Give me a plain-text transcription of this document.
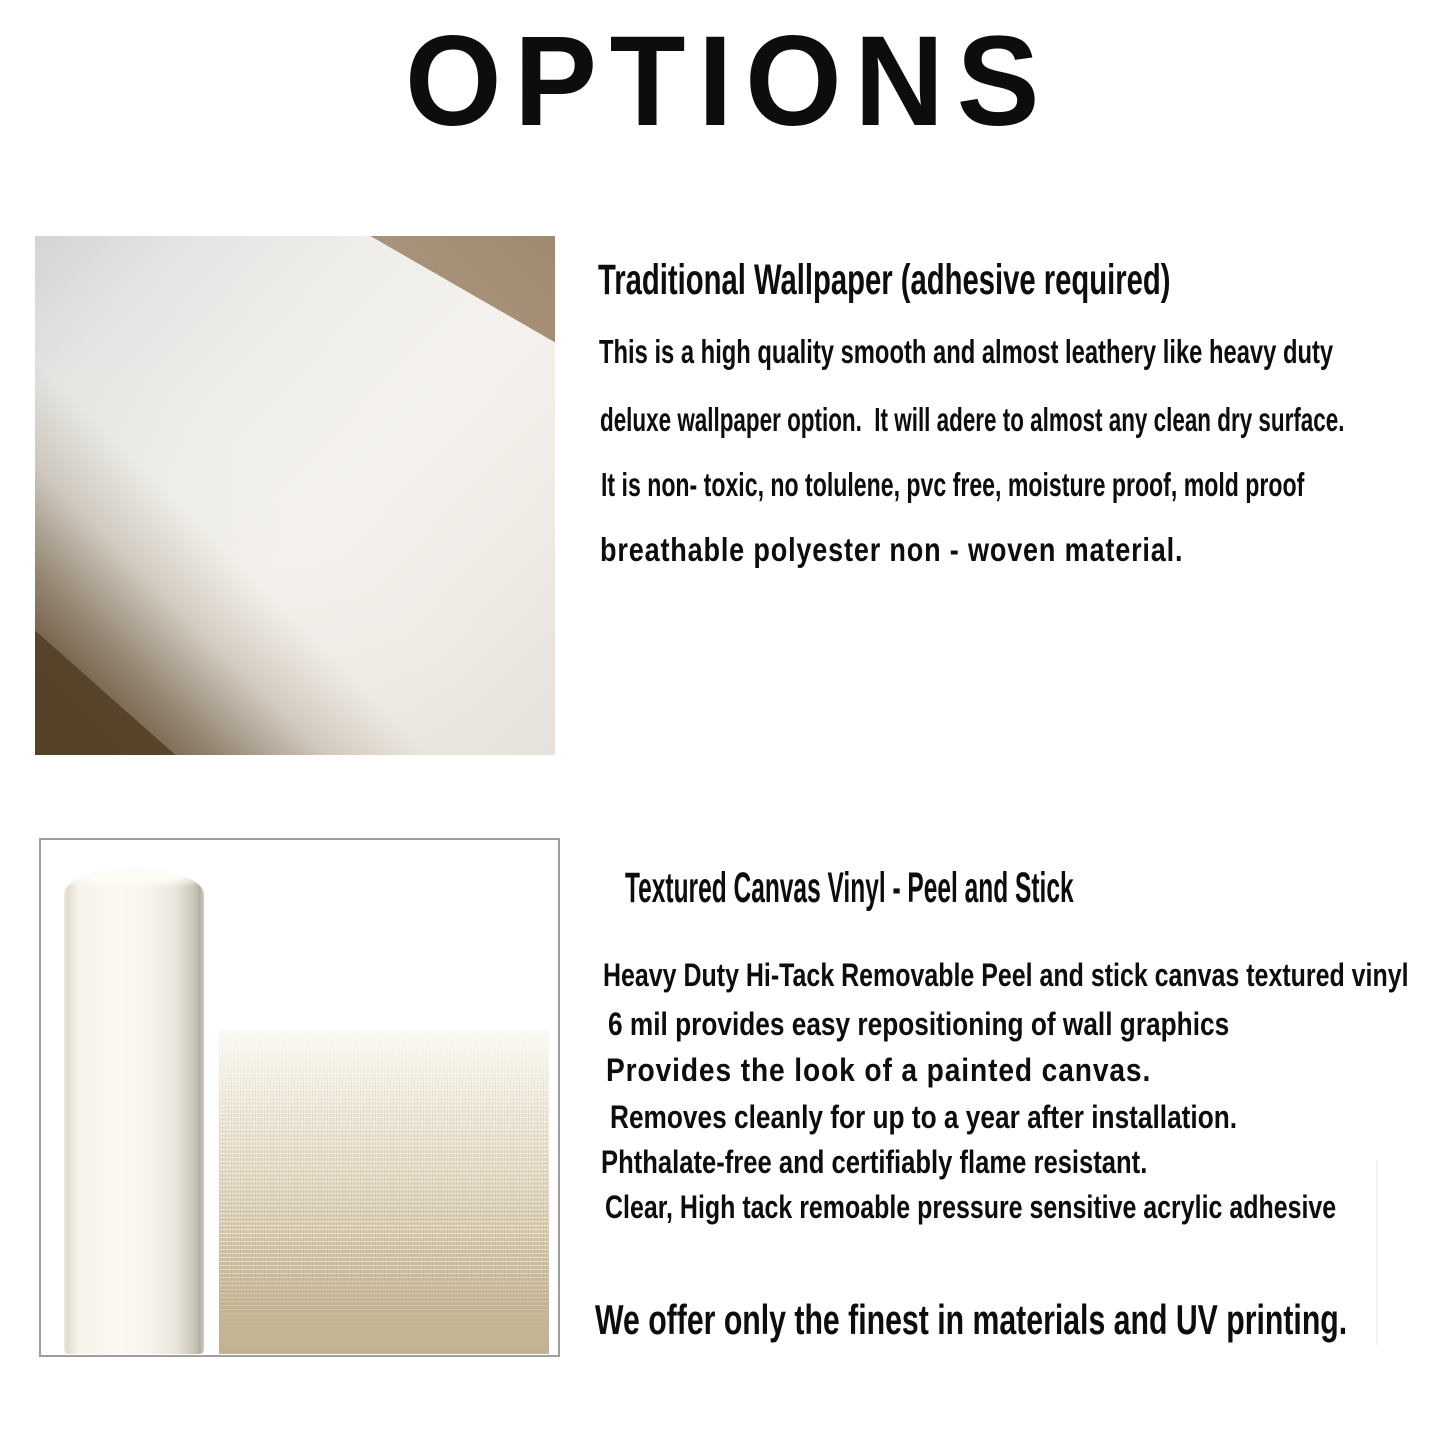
OPTIONS

Traditional Wallpaper (adhesive required)
This is a high quality smooth and almost leathery like heavy duty
deluxe wallpaper option.  It will adere to almost any clean dry surface.
It is non- toxic, no tolulene, pvc free, moisture proof, mold proof
breathable polyester non - woven material.

Textured Canvas Vinyl - Peel and Stick
Heavy Duty Hi-Tack Removable Peel and stick canvas textured vinyl
6 mil provides easy repositioning of wall graphics
Provides the look of a painted canvas.
Removes cleanly for up to a year after installation.
Phthalate-free and certifiably flame resistant.
Clear, High tack remoable pressure sensitive acrylic adhesive
We offer only the finest in materials and UV printing.
